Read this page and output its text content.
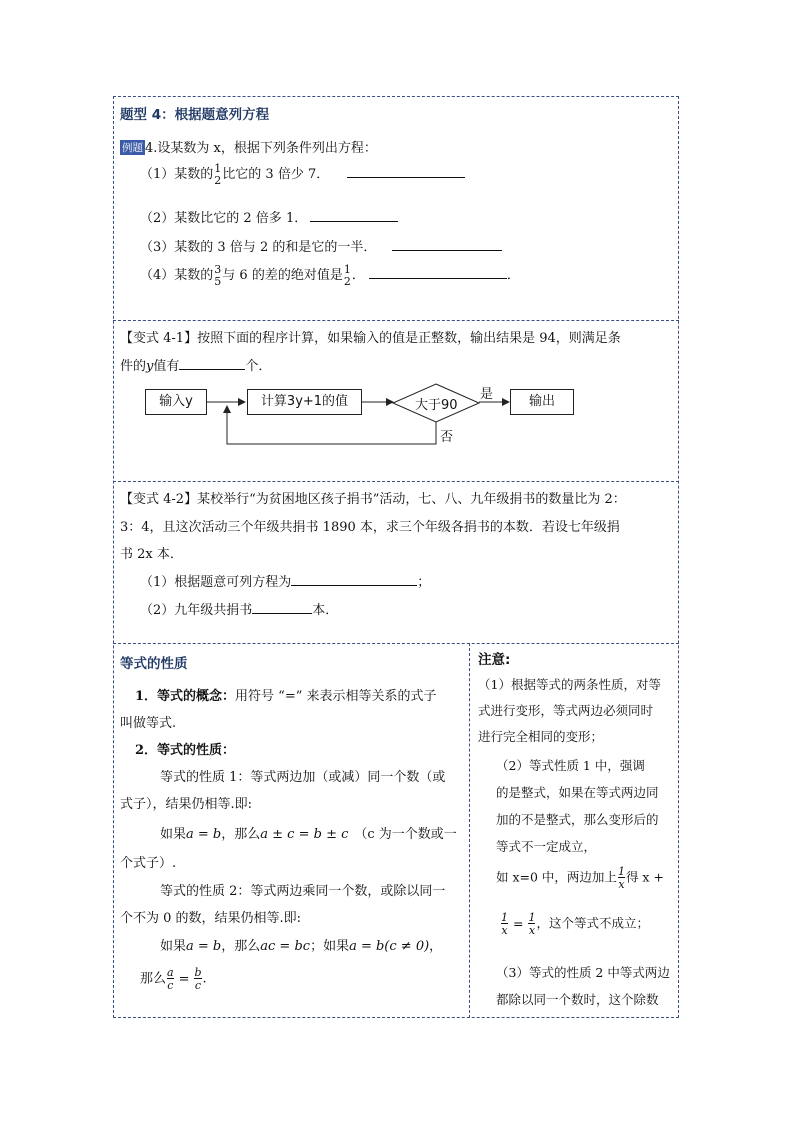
题型 4：根据题意列方程
例题 4.设某数为 x，根据下列条件列出方程：
（1）某数的 1
2 比它的 3 倍少 7．
（2）某数比它的 2 倍多 1．
（3）某数的 3 倍与 2 的和是它的一半．
（4）某数的 3
5 与 6 的差的绝对值是 1
2 ．	．
【变式 4-1】按照下面的程序计算，如果输入的值是正整数，输出结果是 94，则满足条
件的y值有	个．
输入y	计算3y+1的值	大于90	输出
是
否
【变式 4-2】某校举行“为贫困地区孩子捐书”活动，七、八、九年级捐书的数量比为 2：
3：4，且这次活动三个年级共捐书 1890 本，求三个年级各捐书的本数．若设七年级捐
书 2x 本．
（1）根据题意可列方程为	；
（2）九年级共捐书	本．
等式的性质
1．等式的概念：用符号 “=” 来表示相等关系的式子
叫做等式.
2．等式的性质：
等式的性质 1：等式两边加（或减）同一个数（或
式子），结果仍相等.即:
如果a = b，那么a ± c = b ± c （c 为一个数或一
个式子）.
等式的性质 2：等式两边乘同一个数，或除以同一
个不为 0 的数，结果仍相等.即:
如果a = b，那么ac = bc；如果a = b(c ≠ 0)，
那么 $\frac{a}{c} = \frac{b}{c}$ .
注意:
（1）根据等式的两条性质，对等
式进行变形，等式两边必须同时
进行完全相同的变形；
（2）等式性质 1 中，强调
的是整式，如果在等式两边同
加的不是整式，那么变形后的
等式不一定成立，
如 x=0 中，两边加上 $\frac{1}{x}$ 得 x +
$\frac{1}{x} = \frac{1}{x}$ ，这个等式不成立；
（3）等式的性质 2 中等式两边
都除以同一个数时，这个除数
